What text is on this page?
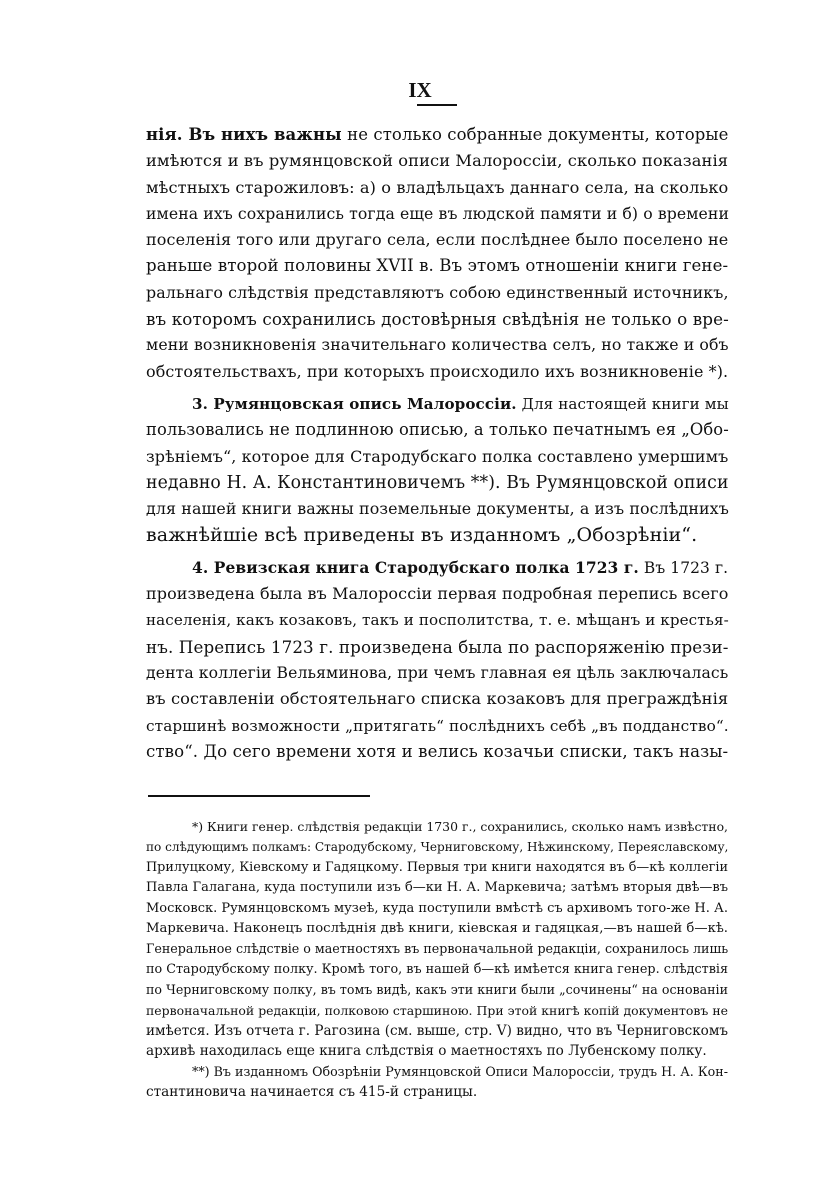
IX
нія. Въ нихъ важны не столько собранные документы, которые
имѣются и въ румянцовской описи Малороссіи, сколько показанія
мѣстныхъ старожиловъ: а) о владѣльцахъ даннаго села, на сколько
имена ихъ сохранились тогда еще въ людской памяти и б) о времени
поселенія того или другаго села, если послѣднее было поселено не
раньше второй половины XVII в. Въ этомъ отношеніи книги гене-
ральнаго слѣдствія представляютъ собою единственный источникъ,
въ которомъ сохранились достовѣрныя свѣдѣнія не только о вре-
мени возникновенія значительнаго количества селъ, но также и объ
обстоятельствахъ, при которыхъ происходило ихъ возникновеніе *).
3. Румянцовская опись Малороссіи. Для настоящей книги мы
пользовались не подлинною описью, а только печатнымъ ея „Обо-
зрѣніемъ“, которое для Стародубскаго полка составлено умершимъ
недавно Н. А. Константиновичемъ **). Въ Румянцовской описи
для нашей книги важны поземельные документы, а изъ послѣднихъ
важнѣйшіе всѣ приведены въ изданномъ „Обозрѣніи“.
4. Ревизская книга Стародубскаго полка 1723 г. Въ 1723 г.
произведена была въ Малороссіи первая подробная перепись всего
населенія, какъ козаковъ, такъ и посполитства, т. е. мѣщанъ и крестья-
нъ. Перепись 1723 г. произведена была по распоряженію прези-
дента коллегіи Вельяминова, при чемъ главная ея цѣль заключалась
въ составленіи обстоятельнаго списка козаковъ для преграждѣнія
старшинѣ возможности „притягать“ послѣднихъ себѣ „въ подданство“.
ство“. До сего времени хотя и велись козачьи списки, такъ назы-
*) Книги генер. слѣдствія редакціи 1730 г., сохранились, сколько намъ извѣстно,
по слѣдующимъ полкамъ: Стародубскому, Черниговскому, Нѣжинскому, Переяславскому,
Прилуцкому, Кіевскому и Гадяцкому. Первыя три книги находятся въ б—кѣ коллегіи
Павла Галагана, куда поступили изъ б—ки Н. А. Маркевича; затѣмъ вторыя двѣ—въ
Московск. Румянцовскомъ музеѣ, куда поступили вмѣстѣ съ архивомъ того-же Н. А.
Маркевича. Наконецъ послѣднія двѣ книги, кіевская и гадяцкая,—въ нашей б—кѣ.
Генеральное слѣдствіе о маетностяхъ въ первоначальной редакціи, сохранилось лишь
по Стародубскому полку. Кромѣ того, въ нашей б—кѣ имѣется книга генер. слѣдствія
по Черниговскому полку, въ томъ видѣ, какъ эти книги были „сочинены“ на основаніи
первоначальной редакціи, полковою старшиною. При этой книгѣ копій документовъ не
имѣется. Изъ отчета г. Рагозина (см. выше, стр. V) видно, что въ Черниговскомъ
архивѣ находилась еще книга слѣдствія о маетностяхъ по Лубенскому полку.
**) Въ изданномъ Обозрѣніи Румянцовской Описи Малороссіи, трудъ Н. А. Кон-
стантиновича начинается съ 415-й страницы.
